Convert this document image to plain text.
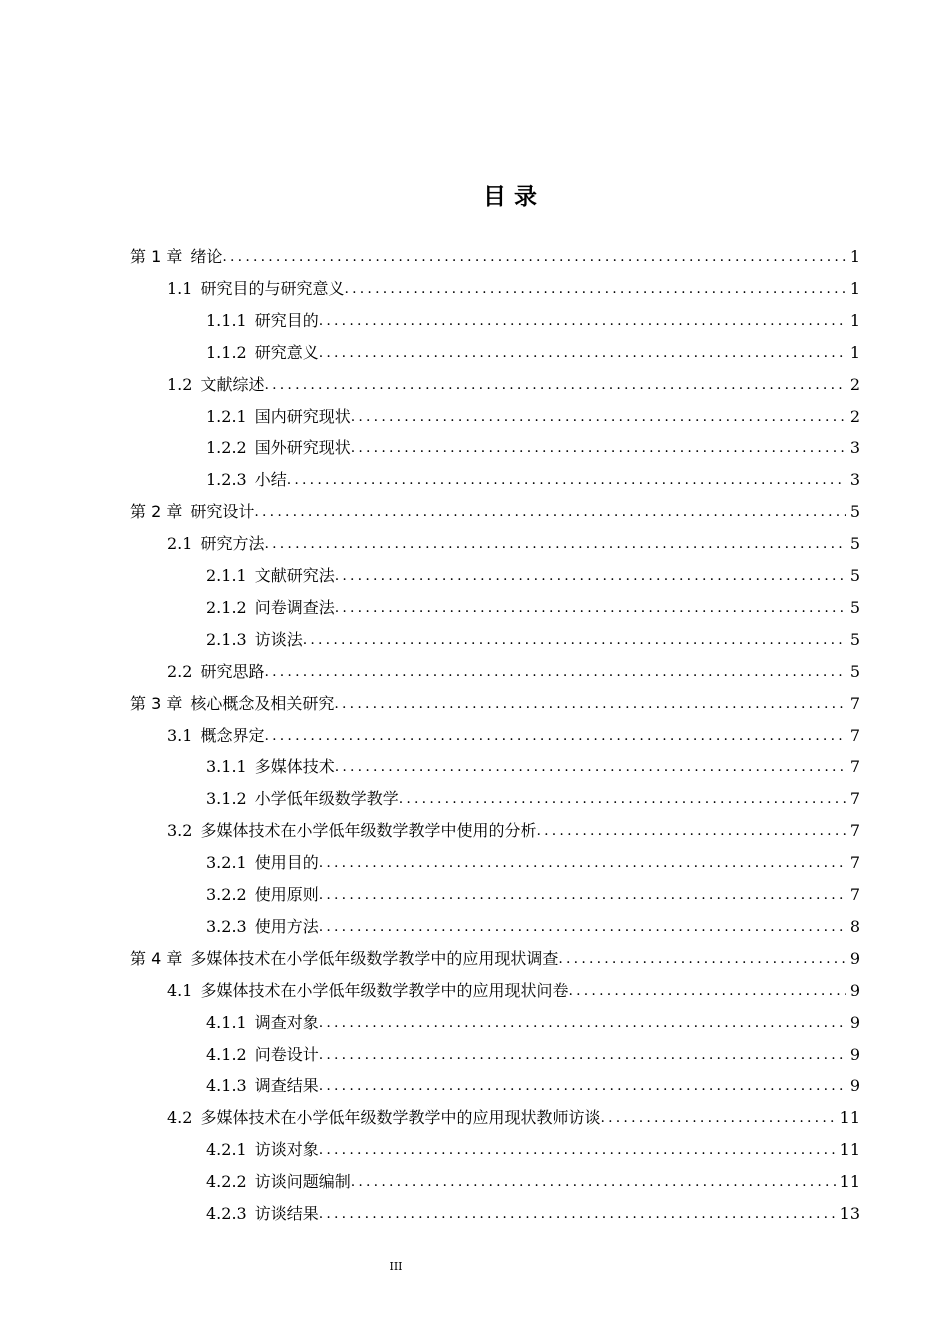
目 录
第 1 章 绪论 .....	1
1.1 研究目的与研究意义 .....	1
1.1.1 研究目的 .....	1
1.1.2 研究意义 .....	1
1.2 文献综述 .....	2
1.2.1 国内研究现状 .....	2
1.2.2 国外研究现状 .....	3
1.2.3 小结 .....	3
第 2 章 研究设计 .....	5
2.1 研究方法 .....	5
2.1.1 文献研究法 .....	5
2.1.2 问卷调查法 .....	5
2.1.3 访谈法 .....	5
2.2 研究思路 .....	5
第 3 章 核心概念及相关研究 .....	7
3.1 概念界定 .....	7
3.1.1 多媒体技术 .....	7
3.1.2 小学低年级数学教学 .....	7
3.2 多媒体技术在小学低年级数学教学中使用的分析 .....	7
3.2.1 使用目的 .....	7
3.2.2 使用原则 .....	7
3.2.3 使用方法 .....	8
第 4 章 多媒体技术在小学低年级数学教学中的应用现状调查 .....	9
4.1 多媒体技术在小学低年级数学教学中的应用现状问卷 .....	9
4.1.1 调查对象 .....	9
4.1.2 问卷设计 .....	9
4.1.3 调查结果 .....	9
4.2 多媒体技术在小学低年级数学教学中的应用现状教师访谈 .....	11
4.2.1 访谈对象 .....	11
4.2.2 访谈问题编制 .....	11
4.2.3 访谈结果 .....	13
III
